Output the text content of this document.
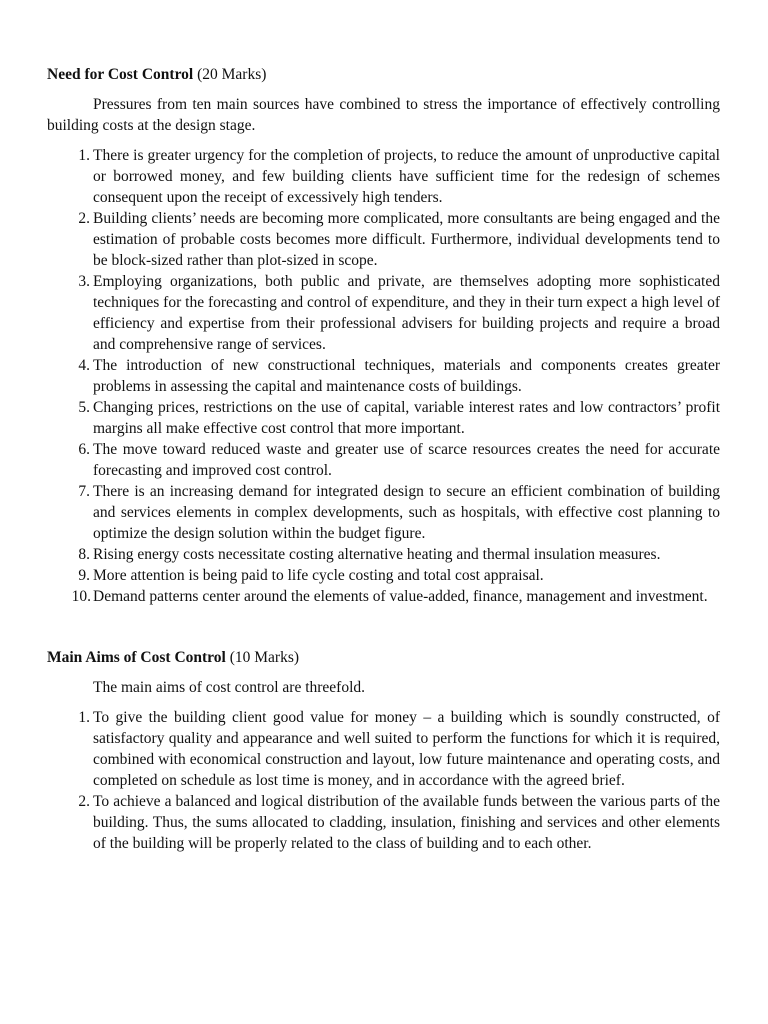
Need for Cost Control (20 Marks)

Pressures from ten main sources have combined to stress the importance of effectively controlling building costs at the design stage.

1. There is greater urgency for the completion of projects, to reduce the amount of unproductive capital or borrowed money, and few building clients have sufficient time for the redesign of schemes consequent upon the receipt of excessively high tenders.
2. Building clients’ needs are becoming more complicated, more consultants are being engaged and the estimation of probable costs becomes more difficult. Furthermore, individual developments tend to be block-sized rather than plot-sized in scope.
3. Employing organizations, both public and private, are themselves adopting more sophisticated techniques for the forecasting and control of expenditure, and they in their turn expect a high level of efficiency and expertise from their professional advisers for building projects and require a broad and comprehensive range of services.
4. The introduction of new constructional techniques, materials and components creates greater problems in assessing the capital and maintenance costs of buildings.
5. Changing prices, restrictions on the use of capital, variable interest rates and low contractors’ profit margins all make effective cost control that more important.
6. The move toward reduced waste and greater use of scarce resources creates the need for accurate forecasting and improved cost control.
7. There is an increasing demand for integrated design to secure an efficient combination of building and services elements in complex developments, such as hospitals, with effective cost planning to optimize the design solution within the budget figure.
8. Rising energy costs necessitate costing alternative heating and thermal insulation measures.
9. More attention is being paid to life cycle costing and total cost appraisal.
10. Demand patterns center around the elements of value-added, finance, management and investment.

Main Aims of Cost Control (10 Marks)

The main aims of cost control are threefold.

1. To give the building client good value for money – a building which is soundly constructed, of satisfactory quality and appearance and well suited to perform the functions for which it is required, combined with economical construction and layout, low future maintenance and operating costs, and completed on schedule as lost time is money, and in accordance with the agreed brief.
2. To achieve a balanced and logical distribution of the available funds between the various parts of the building. Thus, the sums allocated to cladding, insulation, finishing and services and other elements of the building will be properly related to the class of building and to each other.
